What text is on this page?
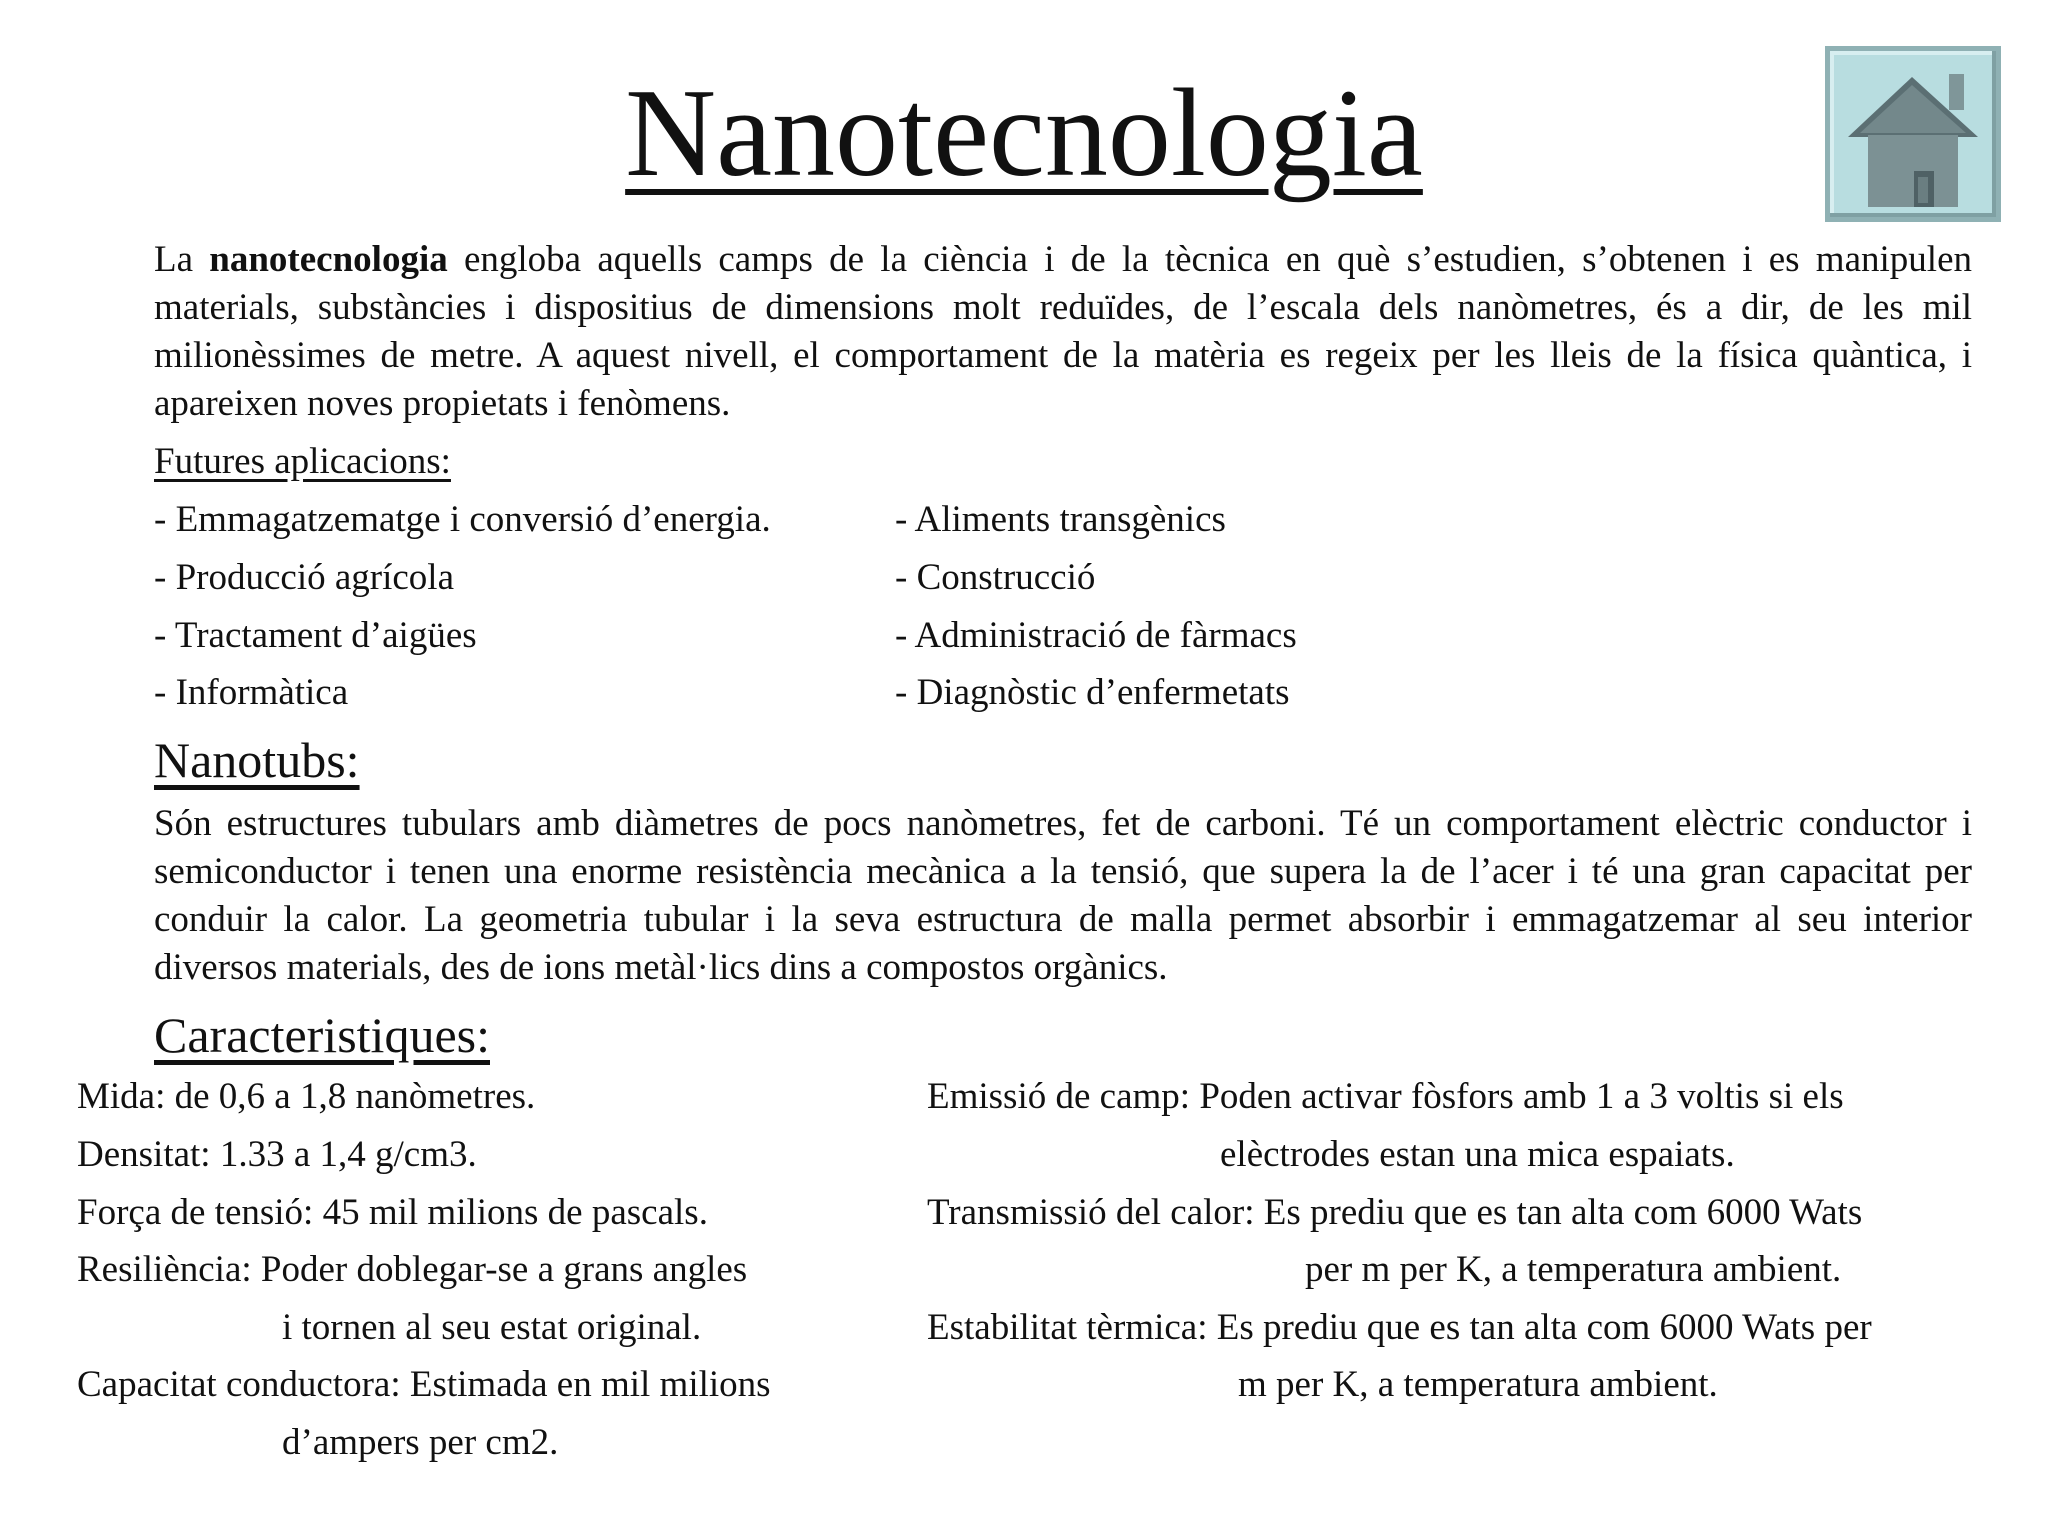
Nanotecnologia

La nanotecnologia engloba aquells camps de la ciència i de la tècnica en què s’estudien, s’obtenen i es manipulen materials, substàncies i dispositius de dimensions molt reduïdes, de l’escala dels nanòmetres, és a dir, de les mil milionèssimes de metre. A aquest nivell, el comportament de la matèria es regeix per les lleis de la física quàntica, i apareixen noves propietats i fenòmens.

Futures aplicacions:
- Emmagatzematge i conversió d’energia.
- Producció agrícola
- Tractament d’aigües
- Informàtica
- Aliments transgènics
- Construcció
- Administració de fàrmacs
- Diagnòstic d’enfermetats
Nanotubs:

Són estructures tubulars amb diàmetres de pocs nanòmetres, fet de carboni. Té un comportament elèctric conductor i semiconductor i tenen una enorme resistència mecànica a la tensió, que supera la de l’acer i té una gran capacitat per conduir la calor. La geometria tubular i la seva estructura de malla permet absorbir i emmagatzemar al seu interior diversos materials, des de ions metàl·lics dins a compostos orgànics.

Caracteristiques:
Mida: de 0,6 a 1,8 nanòmetres.
Densitat: 1.33 a 1,4 g/cm3.
Força de tensió: 45 mil milions de pascals.
Resiliència: Poder doblegar-se a grans angles
i tornen al seu estat original.
Capacitat conductora: Estimada en mil milions
d’ampers per cm2.
Emissió de camp: Poden activar fòsfors amb 1 a 3 voltis si els
elèctrodes estan una mica espaiats.
Transmissió del calor: Es prediu que es tan alta com 6000 Wats
per m per K, a temperatura ambient.
Estabilitat tèrmica: Es prediu que es tan alta com 6000 Wats per
m per K, a temperatura ambient.
